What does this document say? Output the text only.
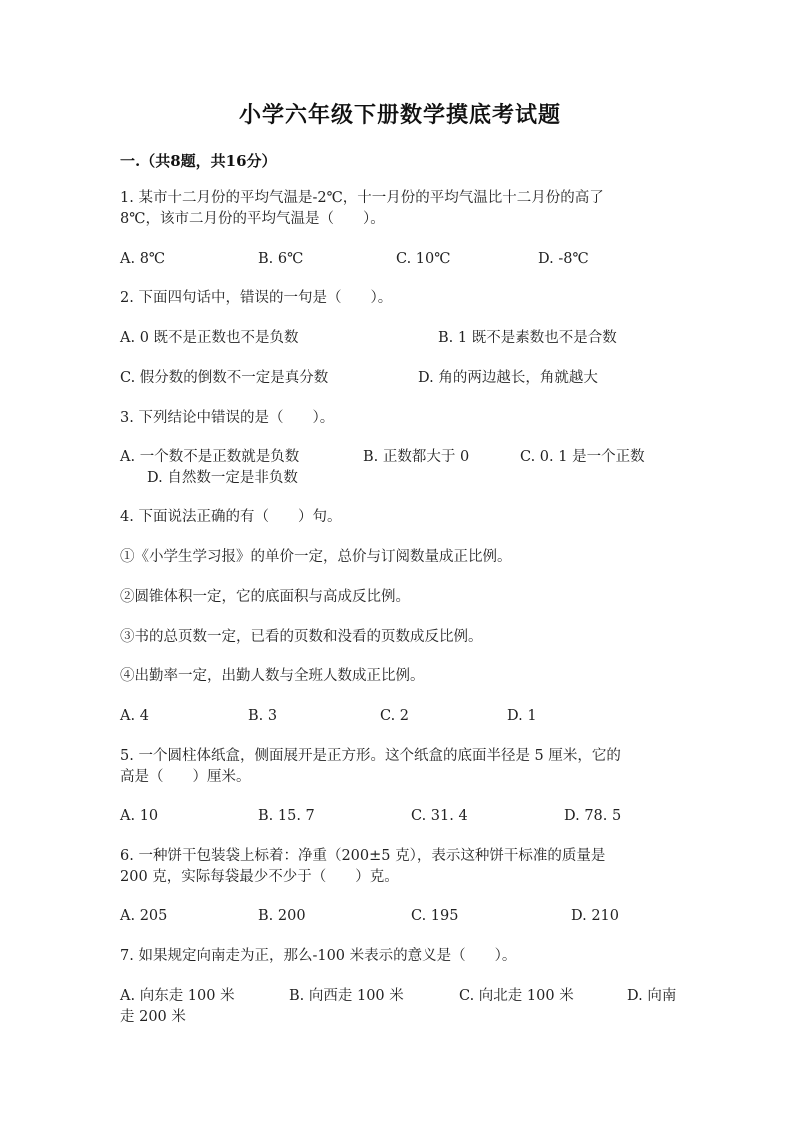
小学六年级下册数学摸底考试题
一.（共8题，共16分）
1. 某市十二月份的平均气温是-2℃，十一月份的平均气温比十二月份的高了
8℃，该市二月份的平均气温是（　　）。
A. 8℃	B. 6℃	C. 10℃	D. -8℃
2. 下面四句话中，错误的一句是（　　）。
A. 0 既不是正数也不是负数	B. 1 既不是素数也不是合数
C. 假分数的倒数不一定是真分数	D. 角的两边越长，角就越大
3. 下列结论中错误的是（　　）。
A. 一个数不是正数就是负数	B. 正数都大于 0	C. 0. 1 是一个正数
D. 自然数一定是非负数
4. 下面说法正确的有（　　）句。
①《小学生学习报》的单价一定，总价与订阅数量成正比例。
②圆锥体积一定，它的底面积与高成反比例。
③书的总页数一定，已看的页数和没看的页数成反比例。
④出勤率一定，出勤人数与全班人数成正比例。
A. 4	B. 3	C. 2	D. 1
5. 一个圆柱体纸盒，侧面展开是正方形。这个纸盒的底面半径是 5 厘米，它的
高是（　　）厘米。
A. 10	B. 15. 7	C. 31. 4	D. 78. 5
6. 一种饼干包装袋上标着：净重（200±5 克），表示这种饼干标准的质量是
200 克，实际每袋最少不少于（　　）克。
A. 205	B. 200	C. 195	D. 210
7. 如果规定向南走为正，那么-100 米表示的意义是（　　）。
A. 向东走 100 米	B. 向西走 100 米	C. 向北走 100 米	D. 向南
走 200 米
